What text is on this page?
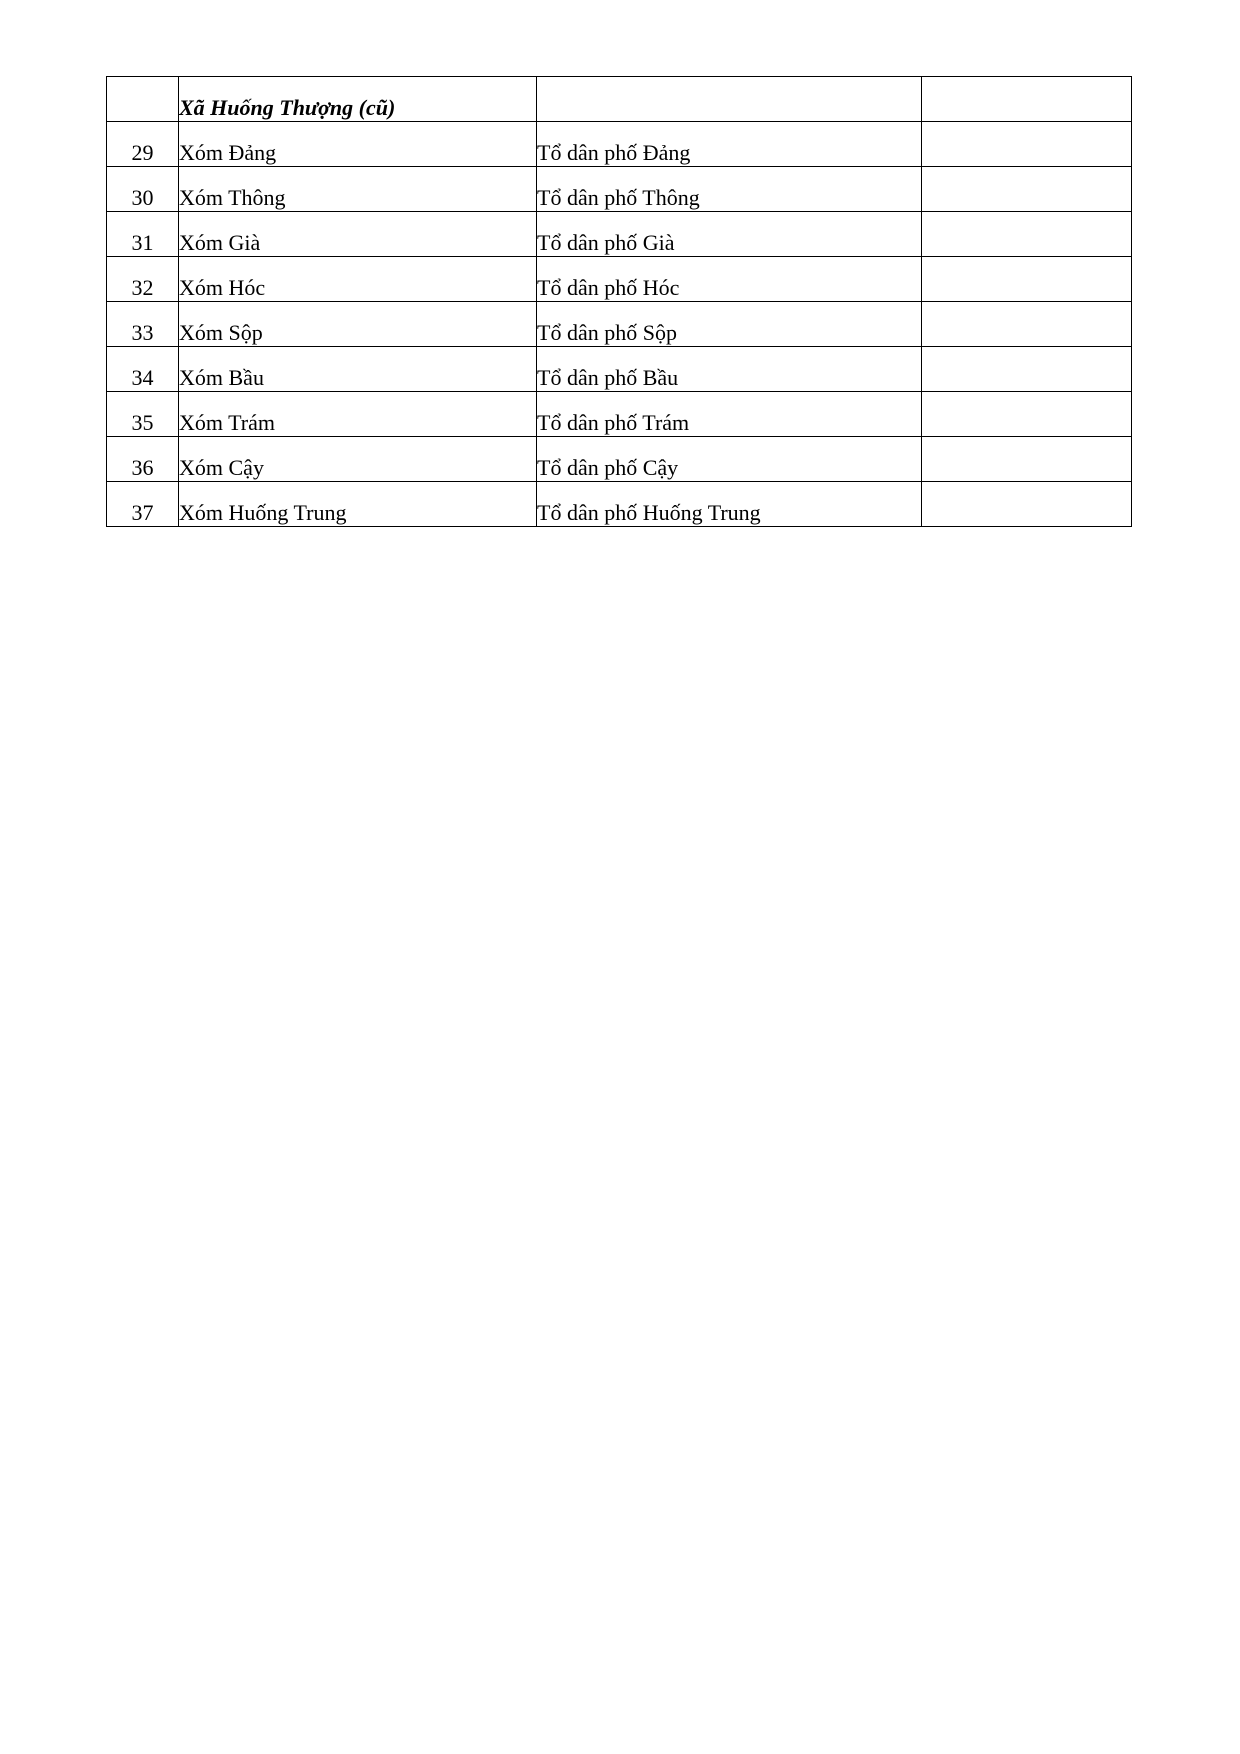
	Xã Huống Thượng (cũ)		
29	Xóm Đảng	Tổ dân phố Đảng	
30	Xóm Thông	Tổ dân phố Thông	
31	Xóm Già	Tổ dân phố Già	
32	Xóm Hóc	Tổ dân phố Hóc	
33	Xóm Sộp	Tổ dân phố Sộp	
34	Xóm Bầu	Tổ dân phố Bầu	
35	Xóm Trám	Tổ dân phố Trám	
36	Xóm Cậy	Tổ dân phố Cậy	
37	Xóm Huống Trung	Tổ dân phố Huống Trung	
